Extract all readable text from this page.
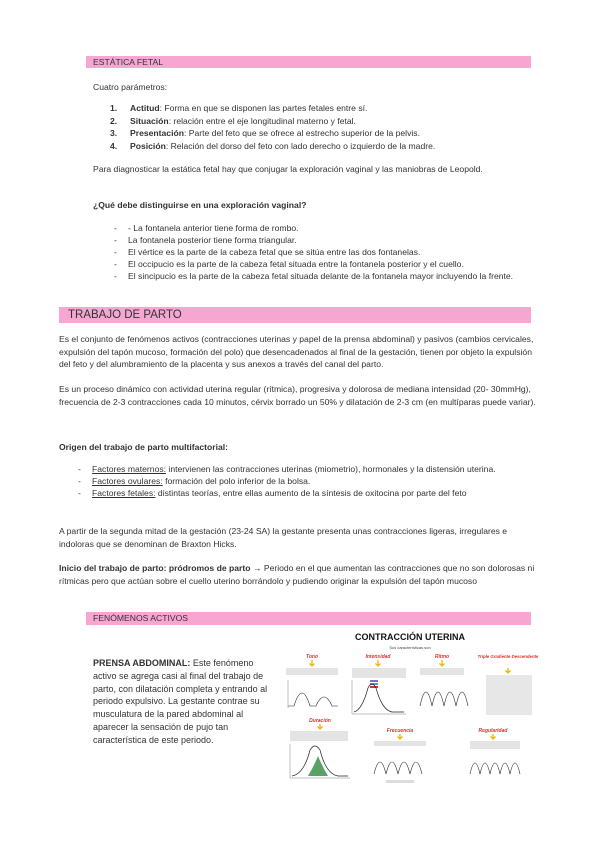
ESTÁTICA FETAL

Cuatro parámetros:

1. Actitud: Forma en que se disponen las partes fetales entre sí.
2. Situación: relación entre el eje longitudinal materno y fetal.
3. Presentación: Parte del feto que se ofrece al estrecho superior de la pelvis.
4. Posición: Relación del dorso del feto con lado derecho o izquierdo de la madre.

Para diagnosticar la estática fetal hay que conjugar la exploración vaginal y las maniobras de Leopold.

¿Qué debe distinguirse en una exploración vaginal?

- - La fontanela anterior tiene forma de rombo.
- La fontanela posterior tiene forma triangular.
- El vértice es la parte de la cabeza fetal que se sitúa entre las dos fontanelas.
- El occipucio es la parte de la cabeza fetal situada entre la fontanela posterior y el cuello.
- El sincipucio es la parte de la cabeza fetal situada delante de la fontanela mayor incluyendo la frente.
TRABAJO DE PARTO

Es el conjunto de fenómenos activos (contracciones uterinas y papel de la prensa abdominal) y pasivos (cambios cervicales, expulsión del tapón mucoso, formación del polo) que desencadenados al final de la gestación, tienen por objeto la expulsión del feto y del alumbramiento de la placenta y sus anexos a través del canal del parto.

Es un proceso dinámico con actividad uterina regular (rítmica), progresiva y dolorosa de mediana intensidad (20- 30mmHg), frecuencia de 2-3 contracciones cada 10 minutos, cérvix borrado un 50% y dilatación de 2-3 cm (en multíparas puede variar).

Origen del trabajo de parto multifactorial:

- Factores maternos: intervienen las contracciones uterinas (miometrio), hormonales y la distensión uterina.
- Factores ovulares: formación del polo inferior de la bolsa.
- Factores fetales: distintas teorías, entre ellas aumento de la síntesis de oxitocina por parte del feto

A partir de la segunda mitad de la gestación (23-24 SA) la gestante presenta unas contracciones ligeras, irregulares e indoloras que se denominan de Braxton Hicks.

Inicio del trabajo de parto: pródromos de parto → Periodo en el que aumentan las contracciones que no son dolorosas ni rítmicas pero que actúan sobre el cuello uterino borrándolo y pudiendo originar la expulsión del tapón mucoso

FENÓMENOS ACTIVOS

PRENSA ABDOMINAL: Este fenómeno activo se agrega casi al final del trabajo de parto, con dilatación completa y entrando al periodo expulsivo. La gestante contrae su musculatura de la pared abdominal al aparecer la sensación de pujo tan característica de este periodo.

CONTRACCIÓN UTERINA
Sus características son
Tono	Intensidad	Ritmo	Triple Gradiente Descendente
Duración
Frecuencia	Regularidad
